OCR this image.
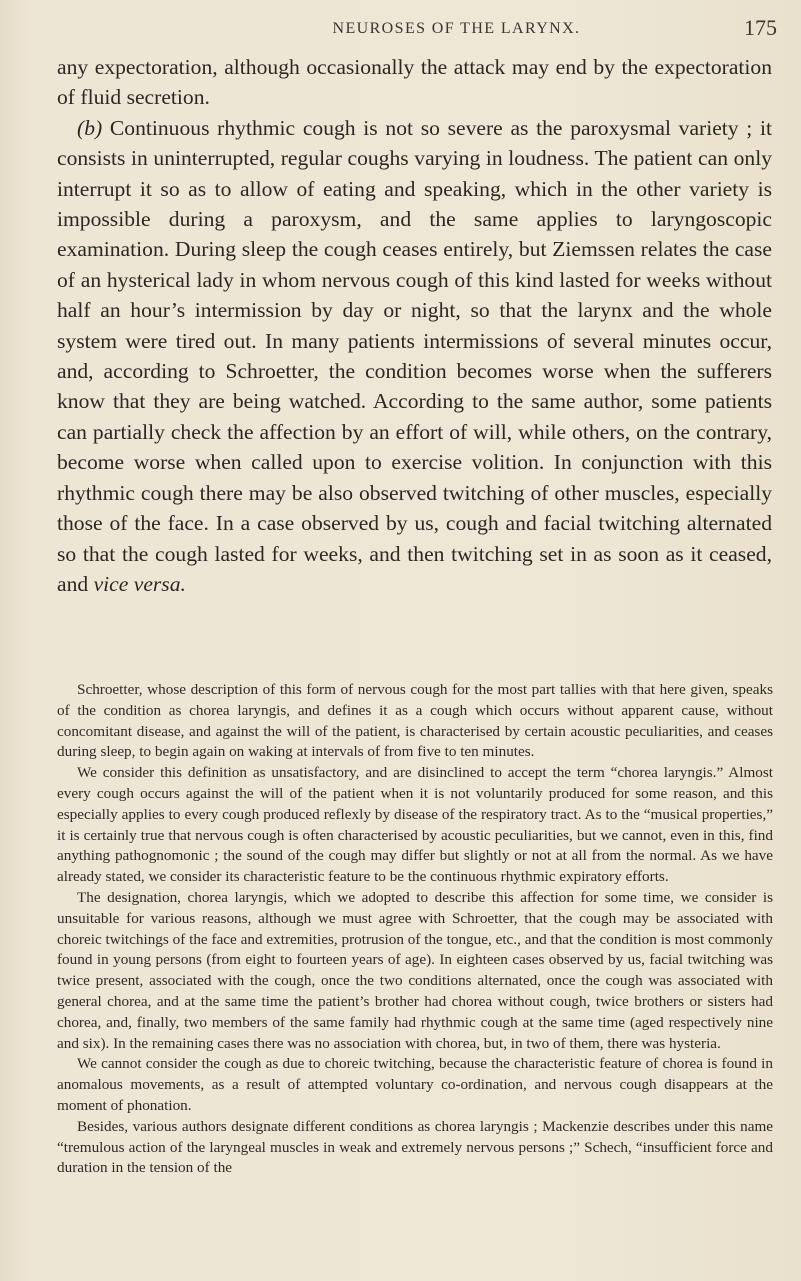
NEUROSES OF THE LARYNX.	175

any expectoration, although occasionally the attack may end by the expectoration of fluid secretion.

(b) Continuous rhythmic cough is not so severe as the paroxysmal variety ; it consists in uninterrupted, regular coughs varying in loudness. The patient can only interrupt it so as to allow of eating and speaking, which in the other variety is impossible during a paroxysm, and the same applies to laryngoscopic examination. During sleep the cough ceases entirely, but Ziemssen relates the case of an hysterical lady in whom nervous cough of this kind lasted for weeks without half an hour’s intermission by day or night, so that the larynx and the whole system were tired out. In many patients intermissions of several minutes occur, and, according to Schroetter, the condition becomes worse when the sufferers know that they are being watched. According to the same author, some patients can partially check the affection by an effort of will, while others, on the contrary, become worse when called upon to exercise volition. In conjunction with this rhythmic cough there may be also observed twitching of other muscles, especially those of the face. In a case observed by us, cough and facial twitching alternated so that the cough lasted for weeks, and then twitching set in as soon as it ceased, and vice versa.

Schroetter, whose description of this form of nervous cough for the most part tallies with that here given, speaks of the condition as chorea laryngis, and defines it as a cough which occurs without apparent cause, without concomitant disease, and against the will of the patient, is characterised by certain acoustic peculiarities, and ceases during sleep, to begin again on waking at intervals of from five to ten minutes.

We consider this definition as unsatisfactory, and are disinclined to accept the term “chorea laryngis.” Almost every cough occurs against the will of the patient when it is not voluntarily produced for some reason, and this especially applies to every cough produced reflexly by disease of the respiratory tract. As to the “musical properties,” it is certainly true that nervous cough is often characterised by acoustic peculiarities, but we cannot, even in this, find anything pathognomonic ; the sound of the cough may differ but slightly or not at all from the normal. As we have already stated, we consider its characteristic feature to be the continuous rhythmic expiratory efforts.

The designation, chorea laryngis, which we adopted to describe this affection for some time, we consider is unsuitable for various reasons, although we must agree with Schroetter, that the cough may be associated with choreic twitchings of the face and extremities, protrusion of the tongue, etc., and that the condition is most commonly found in young persons (from eight to fourteen years of age). In eighteen cases observed by us, facial twitching was twice present, associated with the cough, once the two conditions alternated, once the cough was associated with general chorea, and at the same time the patient’s brother had chorea without cough, twice brothers or sisters had chorea, and, finally, two members of the same family had rhythmic cough at the same time (aged respectively nine and six). In the remaining cases there was no association with chorea, but, in two of them, there was hysteria.

We cannot consider the cough as due to choreic twitching, because the characteristic feature of chorea is found in anomalous movements, as a result of attempted voluntary co-ordination, and nervous cough disappears at the moment of phonation.

Besides, various authors designate different conditions as chorea laryngis ; Mackenzie describes under this name “tremulous action of the laryngeal muscles in weak and extremely nervous persons ;” Schech, “insufficient force and duration in the tension of the
